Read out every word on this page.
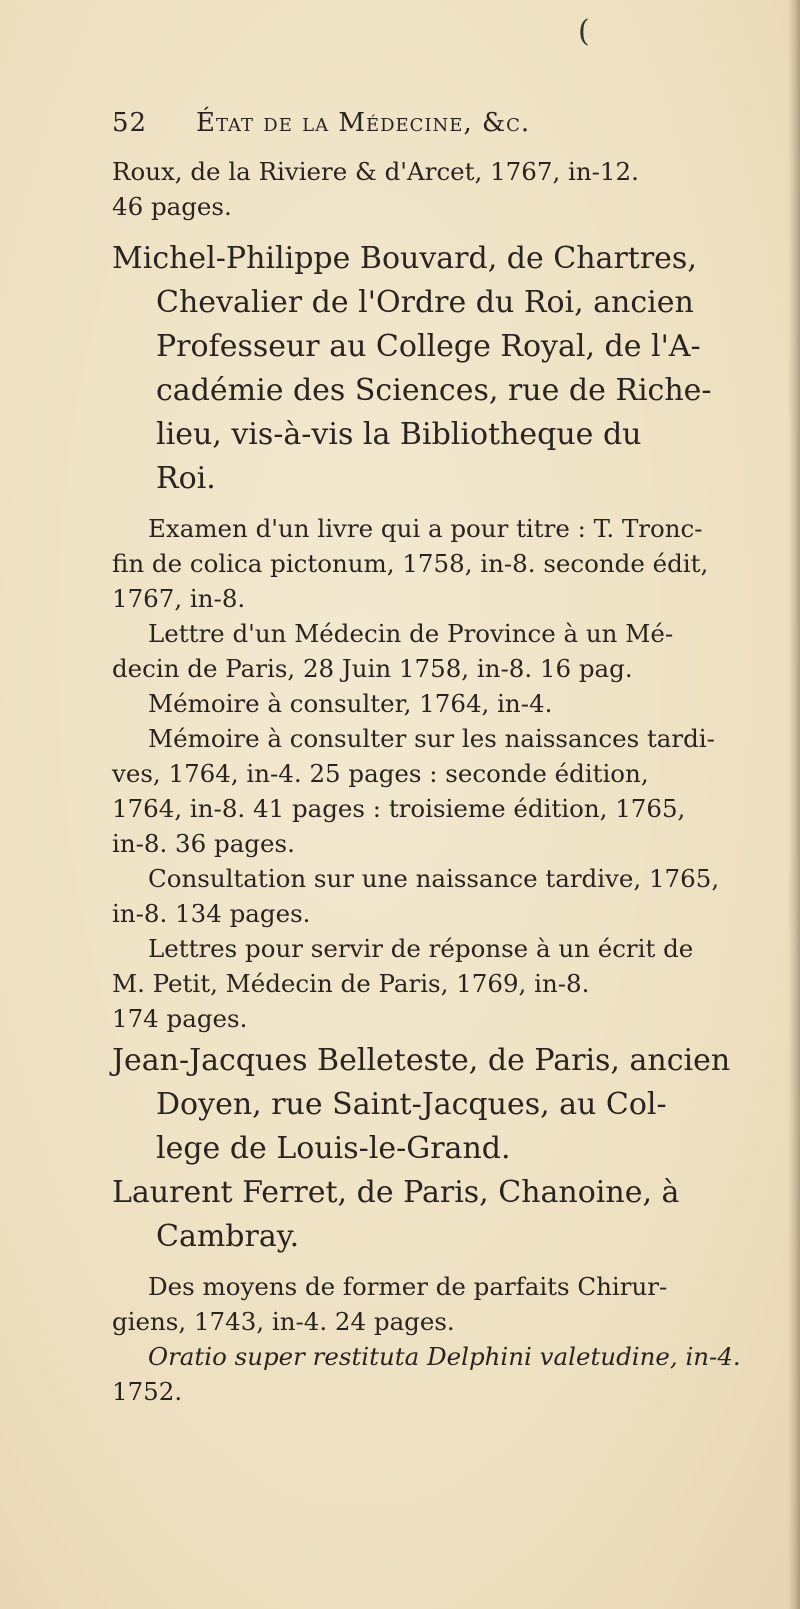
(
52 État de la Médecine, &c.
Roux, de la Riviere & d'Arcet, 1767, in-12.
46 pages.
Michel-Philippe Bouvard, de Chartres,
Chevalier de l'Ordre du Roi, ancien
Professeur au College Royal, de l'A-
cadémie des Sciences, rue de Riche-
lieu, vis-à-vis la Bibliotheque du
Roi.
Examen d'un livre qui a pour titre : T. Tronc-
fin de colica pictonum, 1758, in-8. seconde édit,
1767, in-8.
Lettre d'un Médecin de Province à un Mé-
decin de Paris, 28 Juin 1758, in-8. 16 pag.
Mémoire à consulter, 1764, in-4.
Mémoire à consulter sur les naissances tardi-
ves, 1764, in-4. 25 pages : seconde édition,
1764, in-8. 41 pages : troisieme édition, 1765,
in-8. 36 pages.
Consultation sur une naissance tardive, 1765,
in-8. 134 pages.
Lettres pour servir de réponse à un écrit de
M. Petit, Médecin de Paris, 1769, in-8.
174 pages.
Jean-Jacques Belleteste, de Paris, ancien
Doyen, rue Saint-Jacques, au Col-
lege de Louis-le-Grand.
Laurent Ferret, de Paris, Chanoine, à
Cambray.
Des moyens de former de parfaits Chirur-
giens, 1743, in-4. 24 pages.
Oratio super restituta Delphini valetudine, in-4.
1752.
